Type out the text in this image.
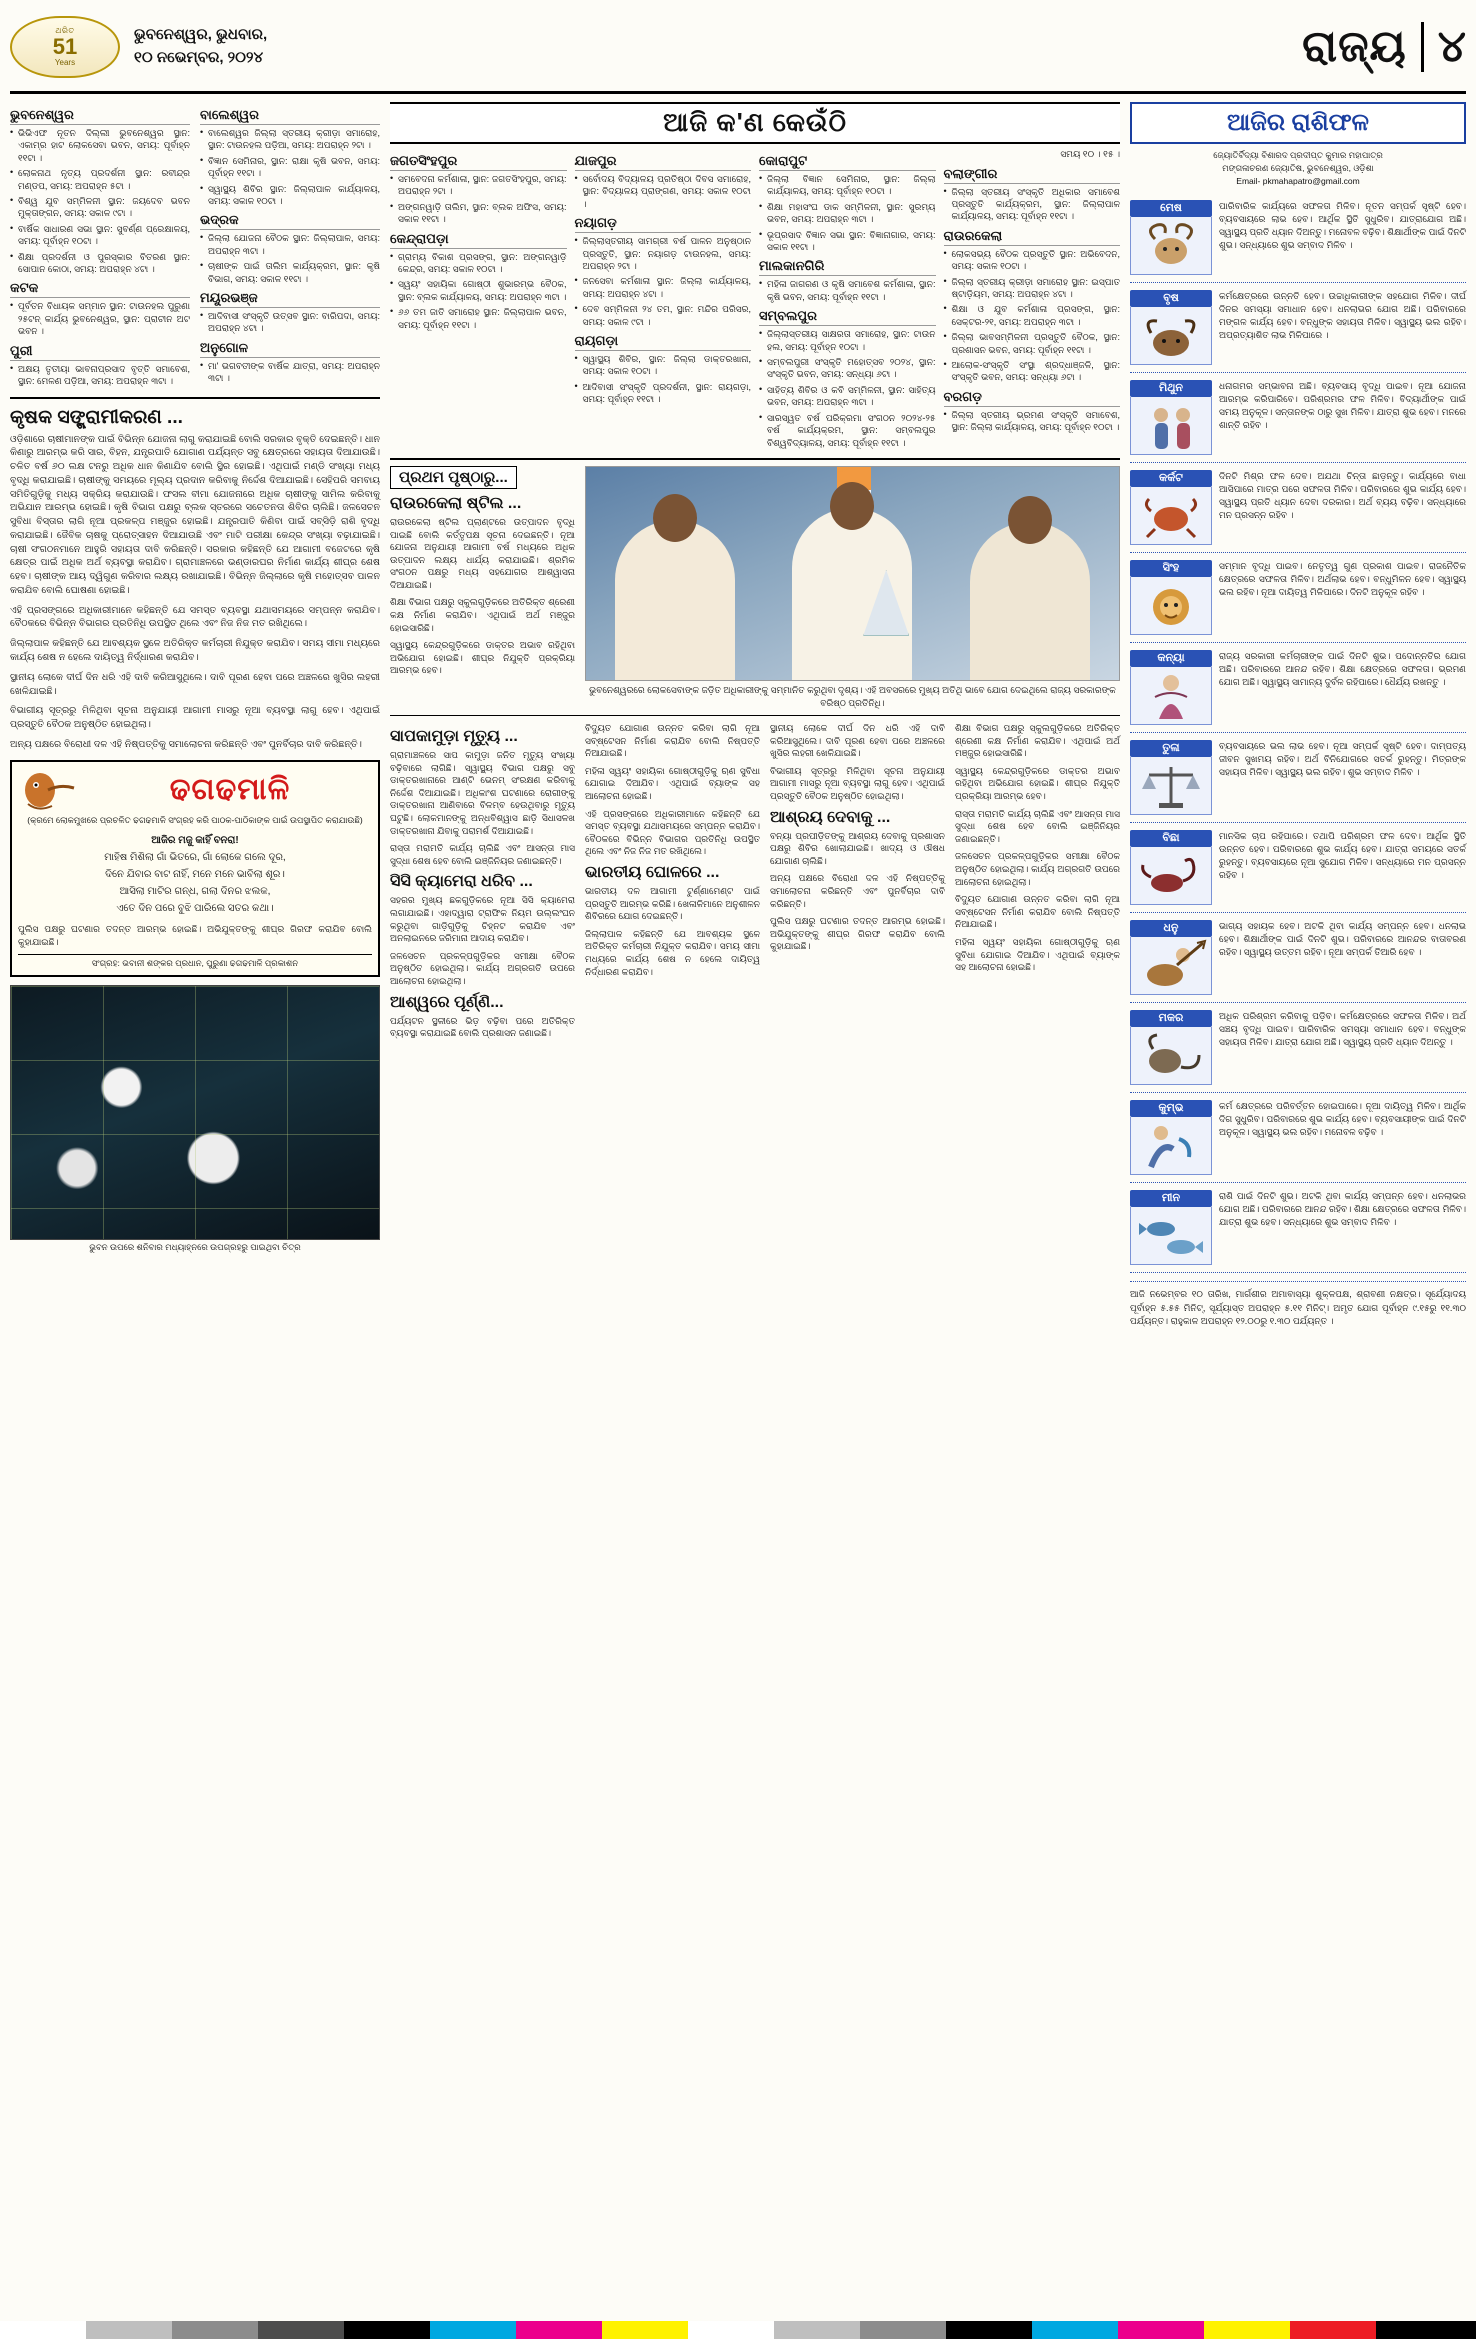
ଥରିତ
51
Years
ଭୁବନେଶ୍ୱର, ଭୁଧବାର,
୧୦ ନଭେମ୍ବର, ୨୦୨୪	ରାଜ୍ୟ ୪
ଭୁବନେଶ୍ୱର
• ଭିଭିଏଫ ନୂତନ ଦିଲ୍ଲୀ ଭୁବନେଶ୍ୱର ସ୍ଥାନ: ଏକାମ୍ର ହାଟ ଲୋକସେବା ଭବନ, ସମୟ: ପୂର୍ବାହ୍ନ ୧୧ଟା ।
• ଲୋକନାଥ ନୃତ୍ୟ ପ୍ରଦର୍ଶନୀ ସ୍ଥାନ: ରବୀନ୍ଦ୍ର ମଣ୍ଡପ, ସମୟ: ଅପରାହ୍ନ ୫ଟା ।
• ବିଶ୍ୱ ଯୁବ ସମ୍ମିଳନୀ ସ୍ଥାନ: ଜୟଦେବ ଭବନ ମୁକ୍ତାଙ୍ଗନ, ସମୟ: ସକାଳ ୯ଟା ।
• ବାର୍ଷିକ ସାଧାରଣ ସଭା ସ୍ଥାନ: ସୁବର୍ଣ୍ଣ ପ୍ରେକ୍ଷାଳୟ, ସମୟ: ପୂର୍ବାହ୍ନ ୧୦ଟା ।
• ଶିକ୍ଷା ପ୍ରଦର୍ଶନୀ ଓ ପୁରସ୍କାର ବିତରଣ ସ୍ଥାନ: ସୋପାନ କୋଠା, ସମୟ: ଅପରାହ୍ନ ୪ଟା ।
କଟକ
• ପୂର୍ବତନ ବିଧାୟକ ସମ୍ମାନ ସ୍ଥାନ: ଟାଉନହଲ ପୁରୁଣା ୨୫ଟନ୍ କାର୍ଯ୍ୟ ଭୁବନେଶ୍ୱର, ସ୍ଥାନ: ପ୍ରାଚୀନ ଅଟ ଭବନ ।
ପୁରୀ
• ଅକ୍ଷୟ ତୃତୀୟା ଭାବନାପ୍ରସାଦ ବୃତ୍ତି ସମାବେଶ, ସ୍ଥାନ: ମେଳଣ ପଡ଼ିଆ, ସମୟ: ଅପରାହ୍ନ ୩ଟା ।
ବାଲେଶ୍ୱର
• ବାଲେଶ୍ୱର ଜିଲ୍ଲା ସ୍ତରୀୟ କ୍ରୀଡ଼ା ସମାରୋହ, ସ୍ଥାନ: ଟାଉନହଲ ପଡ଼ିଆ, ସମୟ: ଅପରାହ୍ନ ୨ଟା ।
• ବିଜ୍ଞାନ ସେମିନାର, ସ୍ଥାନ: ରାକ୍ଷା କୃଷି ଭବନ, ସମୟ: ପୂର୍ବାହ୍ନ ୧୧ଟା ।
• ସ୍ୱାସ୍ଥ୍ୟ ଶିବିର ସ୍ଥାନ: ଜିଲ୍ଲାପାଳ କାର୍ଯ୍ୟାଳୟ, ସମୟ: ସକାଳ ୧୦ଟା ।
ଭଦ୍ରକ
• ଜିଲ୍ଲା ଯୋଜନା ବୈଠକ ସ୍ଥାନ: ଜିଲ୍ଲାପାଳ, ସମୟ: ଅପରାହ୍ନ ୩ଟା ।
• ଚାଷୀଙ୍କ ପାଇଁ ତାଲିମ କାର୍ଯ୍ୟକ୍ରମ, ସ୍ଥାନ: କୃଷି ବିଭାଗ, ସମୟ: ସକାଳ ୧୧ଟା ।
ମୟୂରଭଞ୍ଜ
• ଆଦିବାସୀ ସଂସ୍କୃତି ଉତ୍ସବ ସ୍ଥାନ: ବାରିପଦା, ସମୟ: ଅପରାହ୍ନ ୪ଟା ।
ଅନୁଗୋଳ
• ମା' ଭଗବତୀଙ୍କ ବାର୍ଷିକ ଯାତ୍ରା, ସମୟ: ଅପରାହ୍ନ ୩ଟା ।
କୃଷକ ସଙ୍ଗ୍ରାମୀକରଣ ...
ଓଡ଼ିଶାରେ ଚାଷୀମାନଙ୍କ ପାଇଁ ବିଭିନ୍ନ ଯୋଜନା ଲାଗୁ କରାଯାଇଛି ବୋଲି ସରକାର ବୃକ୍ତି ଦେଇଛନ୍ତି। ଧାନ କିଣାରୁ ଆରମ୍ଭ କରି ସାର, ବିହନ, ଯନ୍ତ୍ରପାତି ଯୋଗାଣ ପର୍ଯ୍ୟନ୍ତ ସବୁ କ୍ଷେତ୍ରରେ ସହାୟତା ଦିଆଯାଉଛି। ଚଳିତ ବର୍ଷ ୬୦ ଲକ୍ଷ ଟନରୁ ଅଧିକ ଧାନ କିଣାଯିବ ବୋଲି ସ୍ଥିର ହୋଇଛି। ଏଥିପାଇଁ ମଣ୍ଡି ସଂଖ୍ୟା ମଧ୍ୟ ବୃଦ୍ଧି କରାଯାଇଛି। ଚାଷୀଙ୍କୁ ସମୟରେ ମୂଲ୍ୟ ପ୍ରଦାନ କରିବାକୁ ନିର୍ଦ୍ଦେଶ ଦିଆଯାଇଛି। ସେହିପରି ସମବାୟ ସମିତିଗୁଡ଼ିକୁ ମଧ୍ୟ ସକ୍ରିୟ କରାଯାଉଛି। ଫସଲ ବୀମା ଯୋଜନାରେ ଅଧିକ ଚାଷୀଙ୍କୁ ସାମିଲ କରିବାକୁ ଅଭିଯାନ ଆରମ୍ଭ ହୋଇଛି। କୃଷି ବିଭାଗ ପକ୍ଷରୁ ବ୍ଲକ ସ୍ତରରେ ସଚେତନତା ଶିବିର ଚାଲିଛି। ଜଳସେଚନ ସୁବିଧା ବିସ୍ତାର ଲାଗି ନୂଆ ପ୍ରକଳ୍ପ ମଞ୍ଜୁର ହୋଇଛି। ଯନ୍ତ୍ରପାତି କିଣିବା ପାଇଁ ସବ୍‌ସିଡ଼ି ରାଶି ବୃଦ୍ଧି କରାଯାଇଛି। ଜୈବିକ ଚାଷକୁ ପ୍ରୋତ୍ସାହନ ଦିଆଯାଉଛି ଏବଂ ମାଟି ପରୀକ୍ଷା କେନ୍ଦ୍ର ସଂଖ୍ୟା ବଢ଼ାଯାଇଛି। ଚାଷୀ ସଂଗଠନମାନେ ଆହୁରି ସହାୟତା ଦାବି କରିଛନ୍ତି। ସରକାର କହିଛନ୍ତି ଯେ ଆଗାମୀ ବଜେଟରେ କୃଷି କ୍ଷେତ୍ର ପାଇଁ ଅଧିକ ଅର୍ଥ ବ୍ୟବସ୍ଥା କରାଯିବ। ଗ୍ରାମାଞ୍ଚଳରେ ଭଣ୍ଡାରଘର ନିର୍ମାଣ କାର୍ଯ୍ୟ ଶୀଘ୍ର ଶେଷ ହେବ। ଚାଷୀଙ୍କ ଆୟ ଦ୍ୱିଗୁଣ କରିବାର ଲକ୍ଷ୍ୟ ରଖାଯାଇଛି। ବିଭିନ୍ନ ଜିଲ୍ଲାରେ କୃଷି ମହୋତ୍ସବ ପାଳନ କରାଯିବ ବୋଲି ଘୋଷଣା ହୋଇଛି।
ଏହି ପ୍ରସଙ୍ଗରେ ଅଧିକାରୀମାନେ କହିଛନ୍ତି ଯେ ସମସ୍ତ ବ୍ୟବସ୍ଥା ଯଥାସମୟରେ ସମ୍ପନ୍ନ କରାଯିବ। ବୈଠକରେ ବିଭିନ୍ନ ବିଭାଗର ପ୍ରତିନିଧି ଉପସ୍ଥିତ ଥିଲେ ଏବଂ ନିଜ ନିଜ ମତ ରଖିଥିଲେ।
ଜିଲ୍ଲାପାଳ କହିଛନ୍ତି ଯେ ଆବଶ୍ୟକ ସ୍ଥଳେ ଅତିରିକ୍ତ କର୍ମଚାରୀ ନିଯୁକ୍ତ କରାଯିବ। ସମୟ ସୀମା ମଧ୍ୟରେ କାର୍ଯ୍ୟ ଶେଷ ନ ହେଲେ ଦାୟିତ୍ୱ ନିର୍ଦ୍ଧାରଣ କରାଯିବ।
ସ୍ଥାନୀୟ ଲୋକେ ଦୀର୍ଘ ଦିନ ଧରି ଏହି ଦାବି କରିଆସୁଥିଲେ। ଦାବି ପୂରଣ ହେବା ପରେ ଅଞ୍ଚଳରେ ଖୁସିର ଲହରୀ ଖେଳିଯାଇଛି।
ବିଭାଗୀୟ ସୂତ୍ରରୁ ମିଳିଥିବା ସୂଚନା ଅନୁଯାୟୀ ଆଗାମୀ ମାସରୁ ନୂଆ ବ୍ୟବସ୍ଥା ଲାଗୁ ହେବ। ଏଥିପାଇଁ ପ୍ରସ୍ତୁତି ବୈଠକ ଅନୁଷ୍ଠିତ ହୋଇଥିଲା।
ଅନ୍ୟ ପକ୍ଷରେ ବିରୋଧୀ ଦଳ ଏହି ନିଷ୍ପତ୍ତିକୁ ସମାଲୋଚନା କରିଛନ୍ତି ଏବଂ ପୁନର୍ବିଚାର ଦାବି କରିଛନ୍ତି।
ଢଗଢମାଳି
(କ୍ରମେ ଲୋକମୁଖରେ ପ୍ରଚଳିତ ଢଗଢମାଳି ସଂଗ୍ରହ କରି ପାଠକ-ପାଠିକାଙ୍କ ପାଇଁ ଉପସ୍ଥାପିତ କରାଯାଉଛି)
ଆଜିର ମଜୁ କାହିଁ ବନରା!
ମାହିଷ ମିଶିଲା ଗାଁ ଭିତରେ, ଗାଁ ଲୋକେ ଗଲେ ଦୂର,
ଦିନେ ଯିବାର ବାଟ ନାହିଁ, ମନେ ମନେ ଭାବିଲା ଶୂର।
ଆସିଲା ମାଟିର ଗନ୍ଧ, ଗଲା ଦିନର ଝଲକ,
ଏତେ ଦିନ ପରେ ବୁଝି ପାରିଲେ ସତର କଥା।
ପୁଲିସ ପକ୍ଷରୁ ଘଟଣାର ତଦନ୍ତ ଆରମ୍ଭ ହୋଇଛି। ଅଭିଯୁକ୍ତଙ୍କୁ ଶୀଘ୍ର ଗିରଫ କରାଯିବ ବୋଲି କୁହାଯାଇଛି।
ସଂଗ୍ରହ: ଭବାନୀ ଶଙ୍କର ପ୍ରଧାନ, ପୁରୁଣା ଢଗଢମାଳି ପ୍ରକାଶନ
ଭୁବନ ଉପରେ ଶନିବାର ମଧ୍ୟାହ୍ନରେ ଉପଗ୍ରହରୁ ପାଇଥିବା ଚିତ୍ର
ଆଜି କ'ଣ କେଉଁଠି
ଜଗତସିଂହପୁର
• ସମବେଦନା କର୍ମଶାଳା, ସ୍ଥାନ: ଜଗତସିଂହପୁର, ସମୟ: ଅପରାହ୍ନ ୨ଟା ।
• ଅଙ୍ଗନୱାଡ଼ି ତାଲିମ, ସ୍ଥାନ: ବ୍ଲକ ଅଫିସ, ସମୟ: ସକାଳ ୧୧ଟା ।
କେନ୍ଦ୍ରାପଡ଼ା
• ଗ୍ରାମ୍ୟ ବିକାଶ ପ୍ରସଙ୍ଗ, ସ୍ଥାନ: ଅଙ୍ଗନୱାଡ଼ି କେନ୍ଦ୍ର, ସମୟ: ସକାଳ ୧୦ଟା ।
• ସ୍ୱୟଂ ସହାୟିକା ଗୋଷ୍ଠୀ ଶୁଭାରମ୍ଭ ବୈଠକ, ସ୍ଥାନ: ବ୍ଲକ କାର୍ଯ୍ୟାଳୟ, ସମୟ: ଅପରାହ୍ନ ୩ଟା ।
• ୬୬ ତମ ଜାତି ସମାରୋହ ସ୍ଥାନ: ଜିଲ୍ଲାପାଳ ଭବନ, ସମୟ: ପୂର୍ବାହ୍ନ ୧୧ଟା ।
ଯାଜପୁର
• ସର୍ବୋଦୟ ବିଦ୍ୟାଳୟ ପ୍ରତିଷ୍ଠା ଦିବସ ସମାରୋହ, ସ୍ଥାନ: ବିଦ୍ୟାଳୟ ପ୍ରାଙ୍ଗଣ, ସମୟ: ସକାଳ ୧୦ଟା ।
ନୟାଗଡ଼
• ଜିଲ୍ଲାସ୍ତରୀୟ ସାମଗ୍ରୀ ବର୍ଷ ପାଳନ ଅନୁଷ୍ଠାନ ପ୍ରସ୍ତୁତି, ସ୍ଥାନ: ନୟାଗଡ଼ ଟାଉନହଲ, ସମୟ: ଅପରାହ୍ନ ୨ଟା ।
• ଜନସେବା କର୍ମଶାଳା ସ୍ଥାନ: ଜିଲ୍ଲା କାର୍ଯ୍ୟାଳୟ, ସମୟ: ଅପରାହ୍ନ ୪ଟା ।
• ଦେବ ସମ୍ମିଳନୀ ୨୪ ତମ, ସ୍ଥାନ: ମନ୍ଦିର ପରିସର, ସମୟ: ସକାଳ ୯ଟା ।
ରାୟଗଡ଼ା
• ସ୍ୱାସ୍ଥ୍ୟ ଶିବିର, ସ୍ଥାନ: ଜିଲ୍ଲା ଡାକ୍ତରଖାନା, ସମୟ: ସକାଳ ୧୦ଟା ।
• ଆଦିବାସୀ ସଂସ୍କୃତି ପ୍ରଦର୍ଶନୀ, ସ୍ଥାନ: ରାୟଗଡ଼ା, ସମୟ: ପୂର୍ବାହ୍ନ ୧୧ଟା ।
କୋରାପୁଟ
• ଜିଲ୍ଲା ବିଜ୍ଞାନ ସେମିନାର, ସ୍ଥାନ: ଜିଲ୍ଲା କାର୍ଯ୍ୟାଳୟ, ସମୟ: ପୂର୍ବାହ୍ନ ୧୦ଟା ।
• ଶିକ୍ଷା ମହାସଂଘ ଡାକ ସମ୍ମିଳନୀ, ସ୍ଥାନ: ସୁରମ୍ୟ ଭବନ, ସମୟ: ଅପରାହ୍ନ ୩ଟା ।
• ଭୂପ୍ରସାଦ ବିଜ୍ଞାନ ସଭା ସ୍ଥାନ: ବିଜ୍ଞାନାଗାର, ସମୟ: ସକାଳ ୧୧ଟା ।
ମାଲକାନଗିରି
• ମହିଳା ଜାଗରଣ ଓ କୃଷି ସମାବେଶ କର୍ମଶାଳା, ସ୍ଥାନ: କୃଷି ଭବନ, ସମୟ: ପୂର୍ବାହ୍ନ ୧୧ଟା ।
ସମ୍ବଲପୁର
• ଜିଲ୍ଲାସ୍ତରୀୟ ସାକ୍ଷରତା ସମାରୋହ, ସ୍ଥାନ: ଟାଉନ ହଲ, ସମୟ: ପୂର୍ବାହ୍ନ ୧୦ଟା ।
• ସମ୍ବଲପୁରୀ ସଂସ୍କୃତି ମହୋତ୍ସବ ୨୦୨୪, ସ୍ଥାନ: ସଂସ୍କୃତି ଭବନ, ସମୟ: ସନ୍ଧ୍ୟା ୬ଟା ।
• ସାହିତ୍ୟ ଶିବିର ଓ କବି ସମ୍ମିଳନୀ, ସ୍ଥାନ: ସାହିତ୍ୟ ଭବନ, ସମୟ: ଅପରାହ୍ନ ୩ଟା ।
• ସାରସ୍ୱତ ବର୍ଷ ପରିକ୍ରମା ସଂଗଠନ ୨୦୨୪-୨୫ ବର୍ଷ କାର୍ଯ୍ୟକ୍ରମ, ସ୍ଥାନ: ସମ୍ବଲପୁର ବିଶ୍ୱବିଦ୍ୟାଳୟ, ସମୟ: ପୂର୍ବାହ୍ନ ୧୧ଟା ।
ସମୟ ୧୦ । ୧୫ ।
ବଲାଙ୍ଗୀର
• ଜିଲ୍ଲା ସ୍ତରୀୟ ସଂସ୍କୃତି ଅଧିକାର ସମାବେଶ ପ୍ରସ୍ତୁତି କାର୍ଯ୍ୟକ୍ରମ, ସ୍ଥାନ: ଜିଲ୍ଲାପାଳ କାର୍ଯ୍ୟାଳୟ, ସମୟ: ପୂର୍ବାହ୍ନ ୧୧ଟା ।
ରାଉରକେଲା
• ଲୋକସଭ୍ୟ ବୈଠକ ପ୍ରସ୍ତୁତି ସ୍ଥାନ: ଅଭିବେଦନ, ସମୟ: ସକାଳ ୧୦ଟା ।
• ଜିଲ୍ଲା ସ୍ତରୀୟ କ୍ରୀଡ଼ା ସମାରୋହ ସ୍ଥାନ: ଇସ୍ପାତ ଷ୍ଟାଡ଼ିୟମ, ସମୟ: ଅପରାହ୍ନ ୪ଟା ।
• ଶିକ୍ଷା ଓ ଯୁବ କର୍ମଶାଳା ପ୍ରସଙ୍ଗ, ସ୍ଥାନ: ସେକ୍ଟର-୨୧, ସମୟ: ଅପରାହ୍ନ ୩ଟା ।
• ଜିଲ୍ଲା ଭାବସମ୍ମିଳନୀ ପ୍ରସ୍ତୁତି ବୈଠକ, ସ୍ଥାନ: ପ୍ରଶାସନ ଭବନ, ସମୟ: ପୂର୍ବାହ୍ନ ୧୧ଟା ।
• ଆଲୋକ-ସଂସ୍କୃତି ସଂସ୍ଥା ଶ୍ରଦ୍ଧାଞ୍ଜଳି, ସ୍ଥାନ: ସଂସ୍କୃତି ଭବନ, ସମୟ: ସନ୍ଧ୍ୟା ୬ଟା ।
ବରଗଡ଼
• ଜିଲ୍ଲା ସ୍ତରୀୟ ଭ୍ରମଣ ସଂସ୍କୃତି ସମାବେଶ, ସ୍ଥାନ: ଜିଲ୍ଲା କାର୍ଯ୍ୟାଳୟ, ସମୟ: ପୂର୍ବାହ୍ନ ୧୦ଟା ।
ପ୍ରଥମ ପୃଷ୍ଠାରୁ...
ରାଉରକେଲା ଷ୍ଟିଲ ...
ରାଉରକେଲା ଷ୍ଟିଲ ପ୍ଲାଣ୍ଟରେ ଉତ୍ପାଦନ ବୃଦ୍ଧି ପାଇଛି ବୋଲି କର୍ତ୍ତୃପକ୍ଷ ସୂଚନା ଦେଇଛନ୍ତି। ନୂଆ ଯୋଜନା ଅନୁଯାୟୀ ଆଗାମୀ ବର୍ଷ ମଧ୍ୟରେ ଅଧିକ ଉତ୍ପାଦନ ଲକ୍ଷ୍ୟ ଧାର୍ଯ୍ୟ କରାଯାଇଛି। ଶ୍ରମିକ ସଂଗଠନ ପକ୍ଷରୁ ମଧ୍ୟ ସହଯୋଗର ଆଶ୍ୱାସନା ଦିଆଯାଇଛି।
ଶିକ୍ଷା ବିଭାଗ ପକ୍ଷରୁ ସ୍କୁଲଗୁଡ଼ିକରେ ଅତିରିକ୍ତ ଶ୍ରେଣୀ କକ୍ଷ ନିର୍ମାଣ କରାଯିବ। ଏଥିପାଇଁ ଅର୍ଥ ମଞ୍ଜୁର ହୋଇସାରିଛି।
ସ୍ୱାସ୍ଥ୍ୟ କେନ୍ଦ୍ରଗୁଡ଼ିକରେ ଡାକ୍ତର ଅଭାବ ରହିଥିବା ଅଭିଯୋଗ ହୋଇଛି। ଶୀଘ୍ର ନିଯୁକ୍ତି ପ୍ରକ୍ରିୟା ଆରମ୍ଭ ହେବ।
ଭୁବନେଶ୍ୱରରେ ଲୋକସେବାଙ୍କ ଜଡ଼ିତ ଅଧିକାରୀଙ୍କୁ ସମ୍ମାନିତ କରୁଥିବା ଦୃଶ୍ୟ। ଏହି ଅବସରରେ ମୁଖ୍ୟ ଅତିଥି ଭାବେ ଯୋଗ ଦେଇଥିଲେ ରାଜ୍ୟ ସରକାରଙ୍କ ବରିଷ୍ଠ ପ୍ରତିନିଧି।
ସାପକାମୁଡ଼ା ମୃତ୍ୟୁ ...
ଗ୍ରାମାଞ୍ଚଳରେ ସାପ କାମୁଡ଼ା ଜନିତ ମୃତ୍ୟୁ ସଂଖ୍ୟା ବଢ଼ିବାରେ ଲାଗିଛି। ସ୍ୱାସ୍ଥ୍ୟ ବିଭାଗ ପକ୍ଷରୁ ସବୁ ଡାକ୍ତରଖାନାରେ ଆଣ୍ଟି ଭେନମ୍ ସଂରକ୍ଷଣ କରିବାକୁ ନିର୍ଦ୍ଦେଶ ଦିଆଯାଇଛି। ଅଧିକାଂଶ ଘଟଣାରେ ରୋଗୀଙ୍କୁ ଡାକ୍ତରଖାନା ଆଣିବାରେ ବିଳମ୍ବ ହେଉଥିବାରୁ ମୃତ୍ୟୁ ଘଟୁଛି। ଲୋକମାନଙ୍କୁ ଅନ୍ଧବିଶ୍ୱାସ ଛାଡ଼ି ସିଧାସଳଖ ଡାକ୍ତରଖାନା ଯିବାକୁ ପରାମର୍ଶ ଦିଆଯାଇଛି।
ରାସ୍ତା ମରାମତି କାର୍ଯ୍ୟ ଚାଲିଛି ଏବଂ ଆସନ୍ତା ମାସ ସୁଦ୍ଧା ଶେଷ ହେବ ବୋଲି ଇଞ୍ଜିନିୟର ଜଣାଇଛନ୍ତି।
ସିସି କ୍ୟାମେରା ଧରିବ ...
ସହରର ମୁଖ୍ୟ ଛକଗୁଡ଼ିକରେ ନୂଆ ସିସି କ୍ୟାମେରା ଲଗାଯାଇଛି। ଏହାଦ୍ୱାରା ଟ୍ରାଫିକ ନିୟମ ଉଲ୍ଲଂଘନ କରୁଥିବା ଗାଡ଼ିଗୁଡ଼ିକୁ ଚିହ୍ନଟ କରାଯିବ ଏବଂ ଅନଲାଇନରେ ଜରିମାନା ଆଦାୟ କରାଯିବ।
ଜଳସେଚନ ପ୍ରକଳ୍ପଗୁଡ଼ିକର ସମୀକ୍ଷା ବୈଠକ ଅନୁଷ୍ଠିତ ହୋଇଥିଲା। କାର୍ଯ୍ୟ ଅଗ୍ରଗତି ଉପରେ ଆଲୋଚନା ହୋଇଥିଲା।
ଆଶ୍ୱରେ ପୂର୍ଣ୍ଣି...
ପର୍ଯ୍ୟଟନ ସ୍ଥଳୀରେ ଭିଡ଼ ବଢ଼ିବା ପରେ ଅତିରିକ୍ତ ବ୍ୟବସ୍ଥା କରାଯାଇଛି ବୋଲି ପ୍ରଶାସନ ଜଣାଇଛି।
ବିଦ୍ୟୁତ ଯୋଗାଣ ଉନ୍ନତ କରିବା ଲାଗି ନୂଆ ସବ୍‌ଷ୍ଟେସନ ନିର୍ମାଣ କରାଯିବ ବୋଲି ନିଷ୍ପତ୍ତି ନିଆଯାଇଛି।
ମହିଳା ସ୍ୱୟଂ ସହାୟିକା ଗୋଷ୍ଠୀଗୁଡ଼ିକୁ ଋଣ ସୁବିଧା ଯୋଗାଇ ଦିଆଯିବ। ଏଥିପାଇଁ ବ୍ୟାଙ୍କ ସହ ଆଲୋଚନା ହୋଇଛି।
ଏହି ପ୍ରସଙ୍ଗରେ ଅଧିକାରୀମାନେ କହିଛନ୍ତି ଯେ ସମସ୍ତ ବ୍ୟବସ୍ଥା ଯଥାସମୟରେ ସମ୍ପନ୍ନ କରାଯିବ। ବୈଠକରେ ବିଭିନ୍ନ ବିଭାଗର ପ୍ରତିନିଧି ଉପସ୍ଥିତ ଥିଲେ ଏବଂ ନିଜ ନିଜ ମତ ରଖିଥିଲେ।
ଭାରତୀୟ ଘୋଳରେ ...
ଭାରତୀୟ ଦଳ ଆଗାମୀ ଟୁର୍ଣ୍ଣାମେଣ୍ଟ ପାଇଁ ପ୍ରସ୍ତୁତି ଆରମ୍ଭ କରିଛି। ଖେଳାଳିମାନେ ଅନୁଶୀଳନ ଶିବିରରେ ଯୋଗ ଦେଇଛନ୍ତି।
ଜିଲ୍ଲାପାଳ କହିଛନ୍ତି ଯେ ଆବଶ୍ୟକ ସ୍ଥଳେ ଅତିରିକ୍ତ କର୍ମଚାରୀ ନିଯୁକ୍ତ କରାଯିବ। ସମୟ ସୀମା ମଧ୍ୟରେ କାର୍ଯ୍ୟ ଶେଷ ନ ହେଲେ ଦାୟିତ୍ୱ ନିର୍ଦ୍ଧାରଣ କରାଯିବ।
ସ୍ଥାନୀୟ ଲୋକେ ଦୀର୍ଘ ଦିନ ଧରି ଏହି ଦାବି କରିଆସୁଥିଲେ। ଦାବି ପୂରଣ ହେବା ପରେ ଅଞ୍ଚଳରେ ଖୁସିର ଲହରୀ ଖେଳିଯାଇଛି।
ବିଭାଗୀୟ ସୂତ୍ରରୁ ମିଳିଥିବା ସୂଚନା ଅନୁଯାୟୀ ଆଗାମୀ ମାସରୁ ନୂଆ ବ୍ୟବସ୍ଥା ଲାଗୁ ହେବ। ଏଥିପାଇଁ ପ୍ରସ୍ତୁତି ବୈଠକ ଅନୁଷ୍ଠିତ ହୋଇଥିଲା।
ଆଶ୍ରୟ ଦେବାକୁ ...
ବନ୍ୟା ପ୍ରପୀଡ଼ିତଙ୍କୁ ଆଶ୍ରୟ ଦେବାକୁ ପ୍ରଶାସନ ପକ୍ଷରୁ ଶିବିର ଖୋଲାଯାଇଛି। ଖାଦ୍ୟ ଓ ଔଷଧ ଯୋଗାଣ ଚାଲିଛି।
ଅନ୍ୟ ପକ୍ଷରେ ବିରୋଧୀ ଦଳ ଏହି ନିଷ୍ପତ୍ତିକୁ ସମାଲୋଚନା କରିଛନ୍ତି ଏବଂ ପୁନର୍ବିଚାର ଦାବି କରିଛନ୍ତି।
ପୁଲିସ ପକ୍ଷରୁ ଘଟଣାର ତଦନ୍ତ ଆରମ୍ଭ ହୋଇଛି। ଅଭିଯୁକ୍ତଙ୍କୁ ଶୀଘ୍ର ଗିରଫ କରାଯିବ ବୋଲି କୁହାଯାଇଛି।
ଶିକ୍ଷା ବିଭାଗ ପକ୍ଷରୁ ସ୍କୁଲଗୁଡ଼ିକରେ ଅତିରିକ୍ତ ଶ୍ରେଣୀ କକ୍ଷ ନିର୍ମାଣ କରାଯିବ। ଏଥିପାଇଁ ଅର୍ଥ ମଞ୍ଜୁର ହୋଇସାରିଛି।
ସ୍ୱାସ୍ଥ୍ୟ କେନ୍ଦ୍ରଗୁଡ଼ିକରେ ଡାକ୍ତର ଅଭାବ ରହିଥିବା ଅଭିଯୋଗ ହୋଇଛି। ଶୀଘ୍ର ନିଯୁକ୍ତି ପ୍ରକ୍ରିୟା ଆରମ୍ଭ ହେବ।
ରାସ୍ତା ମରାମତି କାର୍ଯ୍ୟ ଚାଲିଛି ଏବଂ ଆସନ୍ତା ମାସ ସୁଦ୍ଧା ଶେଷ ହେବ ବୋଲି ଇଞ୍ଜିନିୟର ଜଣାଇଛନ୍ତି।
ଜଳସେଚନ ପ୍ରକଳ୍ପଗୁଡ଼ିକର ସମୀକ୍ଷା ବୈଠକ ଅନୁଷ୍ଠିତ ହୋଇଥିଲା। କାର୍ଯ୍ୟ ଅଗ୍ରଗତି ଉପରେ ଆଲୋଚନା ହୋଇଥିଲା।
ବିଦ୍ୟୁତ ଯୋଗାଣ ଉନ୍ନତ କରିବା ଲାଗି ନୂଆ ସବ୍‌ଷ୍ଟେସନ ନିର୍ମାଣ କରାଯିବ ବୋଲି ନିଷ୍ପତ୍ତି ନିଆଯାଇଛି।
ମହିଳା ସ୍ୱୟଂ ସହାୟିକା ଗୋଷ୍ଠୀଗୁଡ଼ିକୁ ଋଣ ସୁବିଧା ଯୋଗାଇ ଦିଆଯିବ। ଏଥିପାଇଁ ବ୍ୟାଙ୍କ ସହ ଆଲୋଚନା ହୋଇଛି।
ଆଜିର ରାଶିଫଳ
ଜ୍ୟୋତିର୍ବିଦ୍ୟା ବିଶାରଦ ପ୍ରଦୀପ୍ତ କୁମାର ମହାପାତ୍ର
ମଙ୍ଗଳାଚରଣ ଜ୍ୟୋତିଷ, ଭୁବନେଶ୍ୱର, ଓଡ଼ିଶା
Email- pkmahapatro@gmail.com
ମେଷ	ପାରିବାରିକ କାର୍ଯ୍ୟରେ ସଫଳତା ମିଳିବ। ନୂତନ ସମ୍ପର୍କ ସୃଷ୍ଟି ହେବ। ବ୍ୟବସାୟରେ ଲାଭ ହେବ। ଆର୍ଥିକ ସ୍ଥିତି ସୁଧୁରିବ। ଯାତ୍ରାଯୋଗ ଅଛି। ସ୍ୱାସ୍ଥ୍ୟ ପ୍ରତି ଧ୍ୟାନ ଦିଅନ୍ତୁ। ମନୋବଳ ବଢ଼ିବ। ଶିକ୍ଷାର୍ଥୀଙ୍କ ପାଇଁ ଦିନଟି ଶୁଭ। ସନ୍ଧ୍ୟାରେ ଶୁଭ ସମ୍ବାଦ ମିଳିବ ।
ବୃଷ	କର୍ମକ୍ଷେତ୍ରରେ ଉନ୍ନତି ହେବ। ଉଚ୍ଚାଧିକାରୀଙ୍କ ସହଯୋଗ ମିଳିବ। ଦୀର୍ଘ ଦିନର ସମସ୍ୟା ସମାଧାନ ହେବ। ଧନଲାଭର ଯୋଗ ଅଛି। ପରିବାରରେ ମଙ୍ଗଳ କାର୍ଯ୍ୟ ହେବ। ବନ୍ଧୁଙ୍କ ସହାୟତା ମିଳିବ। ସ୍ୱାସ୍ଥ୍ୟ ଭଲ ରହିବ। ଅପ୍ରତ୍ୟାଶିତ ଲାଭ ମିଳିପାରେ ।
ମିଥୁନ	ଧନାଗମର ସମ୍ଭାବନା ଅଛି। ବ୍ୟବସାୟ ବୃଦ୍ଧି ପାଇବ। ନୂଆ ଯୋଜନା ଆରମ୍ଭ କରିପାରିବେ। ପରିଶ୍ରମର ଫଳ ମିଳିବ। ବିଦ୍ୟାର୍ଥୀଙ୍କ ପାଇଁ ସମୟ ଅନୁକୂଳ। ସନ୍ତାନଙ୍କ ଠାରୁ ସୁଖ ମିଳିବ। ଯାତ୍ରା ଶୁଭ ହେବ। ମନରେ ଶାନ୍ତି ରହିବ ।
କର୍କଟ	ଦିନଟି ମିଶ୍ର ଫଳ ଦେବ। ଅଯଥା ଚିନ୍ତା ଛାଡ଼ନ୍ତୁ। କାର୍ଯ୍ୟରେ ବାଧା ଆସିପାରେ ମାତ୍ର ପରେ ସଫଳତା ମିଳିବ। ପରିବାରରେ ଶୁଭ କାର୍ଯ୍ୟ ହେବ। ସ୍ୱାସ୍ଥ୍ୟ ପ୍ରତି ଧ୍ୟାନ ଦେବା ଦରକାର। ଅର୍ଥ ବ୍ୟୟ ବଢ଼ିବ। ସନ୍ଧ୍ୟାରେ ମନ ପ୍ରସନ୍ନ ରହିବ ।
ସିଂହ	ସମ୍ମାନ ବୃଦ୍ଧି ପାଇବ। ନେତୃତ୍ୱ ଗୁଣ ପ୍ରକାଶ ପାଇବ। ରାଜନୈତିକ କ୍ଷେତ୍ରରେ ସଫଳତା ମିଳିବ। ଅର୍ଥଲାଭ ହେବ। ବନ୍ଧୁମିଳନ ହେବ। ସ୍ୱାସ୍ଥ୍ୟ ଭଲ ରହିବ। ନୂଆ ଦାୟିତ୍ୱ ମିଳିପାରେ। ଦିନଟି ଅନୁକୂଳ ରହିବ ।
କନ୍ୟା	ରାଜ୍ୟ ସରକାରୀ କର୍ମଚାରୀଙ୍କ ପାଇଁ ଦିନଟି ଶୁଭ। ପଦୋନ୍ନତିର ଯୋଗ ଅଛି। ପରିବାରରେ ଆନନ୍ଦ ରହିବ। ଶିକ୍ଷା କ୍ଷେତ୍ରରେ ସଫଳତା। ଭ୍ରମଣ ଯୋଗ ଅଛି। ସ୍ୱାସ୍ଥ୍ୟ ସାମାନ୍ୟ ଦୁର୍ବଳ ରହିପାରେ। ଧୈର୍ଯ୍ୟ ରଖନ୍ତୁ ।
ତୁଳା	ବ୍ୟବସାୟରେ ଭଲ ଲାଭ ହେବ। ନୂଆ ସମ୍ପର୍କ ସୃଷ୍ଟି ହେବ। ଦାମ୍ପତ୍ୟ ଜୀବନ ସୁଖମୟ ରହିବ। ଅର୍ଥ ବିନିଯୋଗରେ ସତର୍କ ରୁହନ୍ତୁ। ମିତ୍ରଙ୍କ ସହାୟତା ମିଳିବ। ସ୍ୱାସ୍ଥ୍ୟ ଭଲ ରହିବ। ଶୁଭ ସମ୍ବାଦ ମିଳିବ ।
ବିଛା	ମାନସିକ ଚାପ ରହିପାରେ। ତଥାପି ପରିଶ୍ରମ ଫଳ ଦେବ। ଆର୍ଥିକ ସ୍ଥିତି ଉନ୍ନତ ହେବ। ପରିବାରରେ ଶୁଭ କାର୍ଯ୍ୟ ହେବ। ଯାତ୍ରା ସମୟରେ ସତର୍କ ରୁହନ୍ତୁ। ବ୍ୟବସାୟରେ ନୂଆ ସୁଯୋଗ ମିଳିବ। ସନ୍ଧ୍ୟାରେ ମନ ପ୍ରସନ୍ନ ରହିବ ।
ଧନୁ	ଭାଗ୍ୟ ସହାୟକ ହେବ। ଅଟକି ଥିବା କାର୍ଯ୍ୟ ସମ୍ପନ୍ନ ହେବ। ଧନଲାଭ ହେବ। ଶିକ୍ଷାର୍ଥୀଙ୍କ ପାଇଁ ଦିନଟି ଶୁଭ। ପରିବାରରେ ଆନନ୍ଦର ବାତାବରଣ ରହିବ। ସ୍ୱାସ୍ଥ୍ୟ ଉତ୍ତମ ରହିବ। ନୂଆ ସମ୍ପର୍କ ତିଆରି ହେବ ।
ମକର	ଅଧିକ ପରିଶ୍ରମ କରିବାକୁ ପଡ଼ିବ। କର୍ମକ୍ଷେତ୍ରରେ ସଫଳତା ମିଳିବ। ଅର୍ଥ ସଞ୍ଚୟ ବୃଦ୍ଧି ପାଇବ। ପାରିବାରିକ ସମସ୍ୟା ସମାଧାନ ହେବ। ବନ୍ଧୁଙ୍କ ସହାୟତା ମିଳିବ। ଯାତ୍ରା ଯୋଗ ଅଛି। ସ୍ୱାସ୍ଥ୍ୟ ପ୍ରତି ଧ୍ୟାନ ଦିଅନ୍ତୁ ।
କୁମ୍ଭ	କର୍ମ କ୍ଷେତ୍ରରେ ପରିବର୍ତ୍ତନ ହୋଇପାରେ। ନୂଆ ଦାୟିତ୍ୱ ମିଳିବ। ଆର୍ଥିକ ଦିଗ ସୁଧୁରିବ। ପରିବାରରେ ଶୁଭ କାର୍ଯ୍ୟ ହେବ। ବ୍ୟବସାୟୀଙ୍କ ପାଇଁ ଦିନଟି ଅନୁକୂଳ। ସ୍ୱାସ୍ଥ୍ୟ ଭଲ ରହିବ। ମନୋବଳ ବଢ଼ିବ ।
ମୀନ	ରାଶି ପାଇଁ ଦିନଟି ଶୁଭ। ଅଟକି ଥିବା କାର୍ଯ୍ୟ ସମ୍ପନ୍ନ ହେବ। ଧନଲାଭର ଯୋଗ ଅଛି। ପରିବାରରେ ଆନନ୍ଦ ରହିବ। ଶିକ୍ଷା କ୍ଷେତ୍ରରେ ସଫଳତା ମିଳିବ। ଯାତ୍ରା ଶୁଭ ହେବ। ସନ୍ଧ୍ୟାରେ ଶୁଭ ସମ୍ବାଦ ମିଳିବ ।
ଆଜି ନଭେମ୍ବର ୧୦ ତାରିଖ, ମାର୍ଗଶୀର ଅମାବାସ୍ୟା ଶୁକ୍ଳପକ୍ଷ, ଶ୍ରାବଣୀ ନକ୍ଷତ୍ର। ସୂର୍ଯ୍ୟୋଦୟ ପୂର୍ବାହ୍ନ ୫.୫୫ ମିନିଟ୍, ସୂର୍ଯ୍ୟାସ୍ତ ଅପରାହ୍ନ ୫.୧୧ ମିନିଟ୍। ଅମୃତ ଯୋଗ ପୂର୍ବାହ୍ନ ୯.୧୫ରୁ ୧୧.୩୦ ପର୍ଯ୍ୟନ୍ତ। ରାହୁକାଳ ଅପରାହ୍ନ ୧୨.୦୦ରୁ ୧.୩୦ ପର୍ଯ୍ୟନ୍ତ ।
